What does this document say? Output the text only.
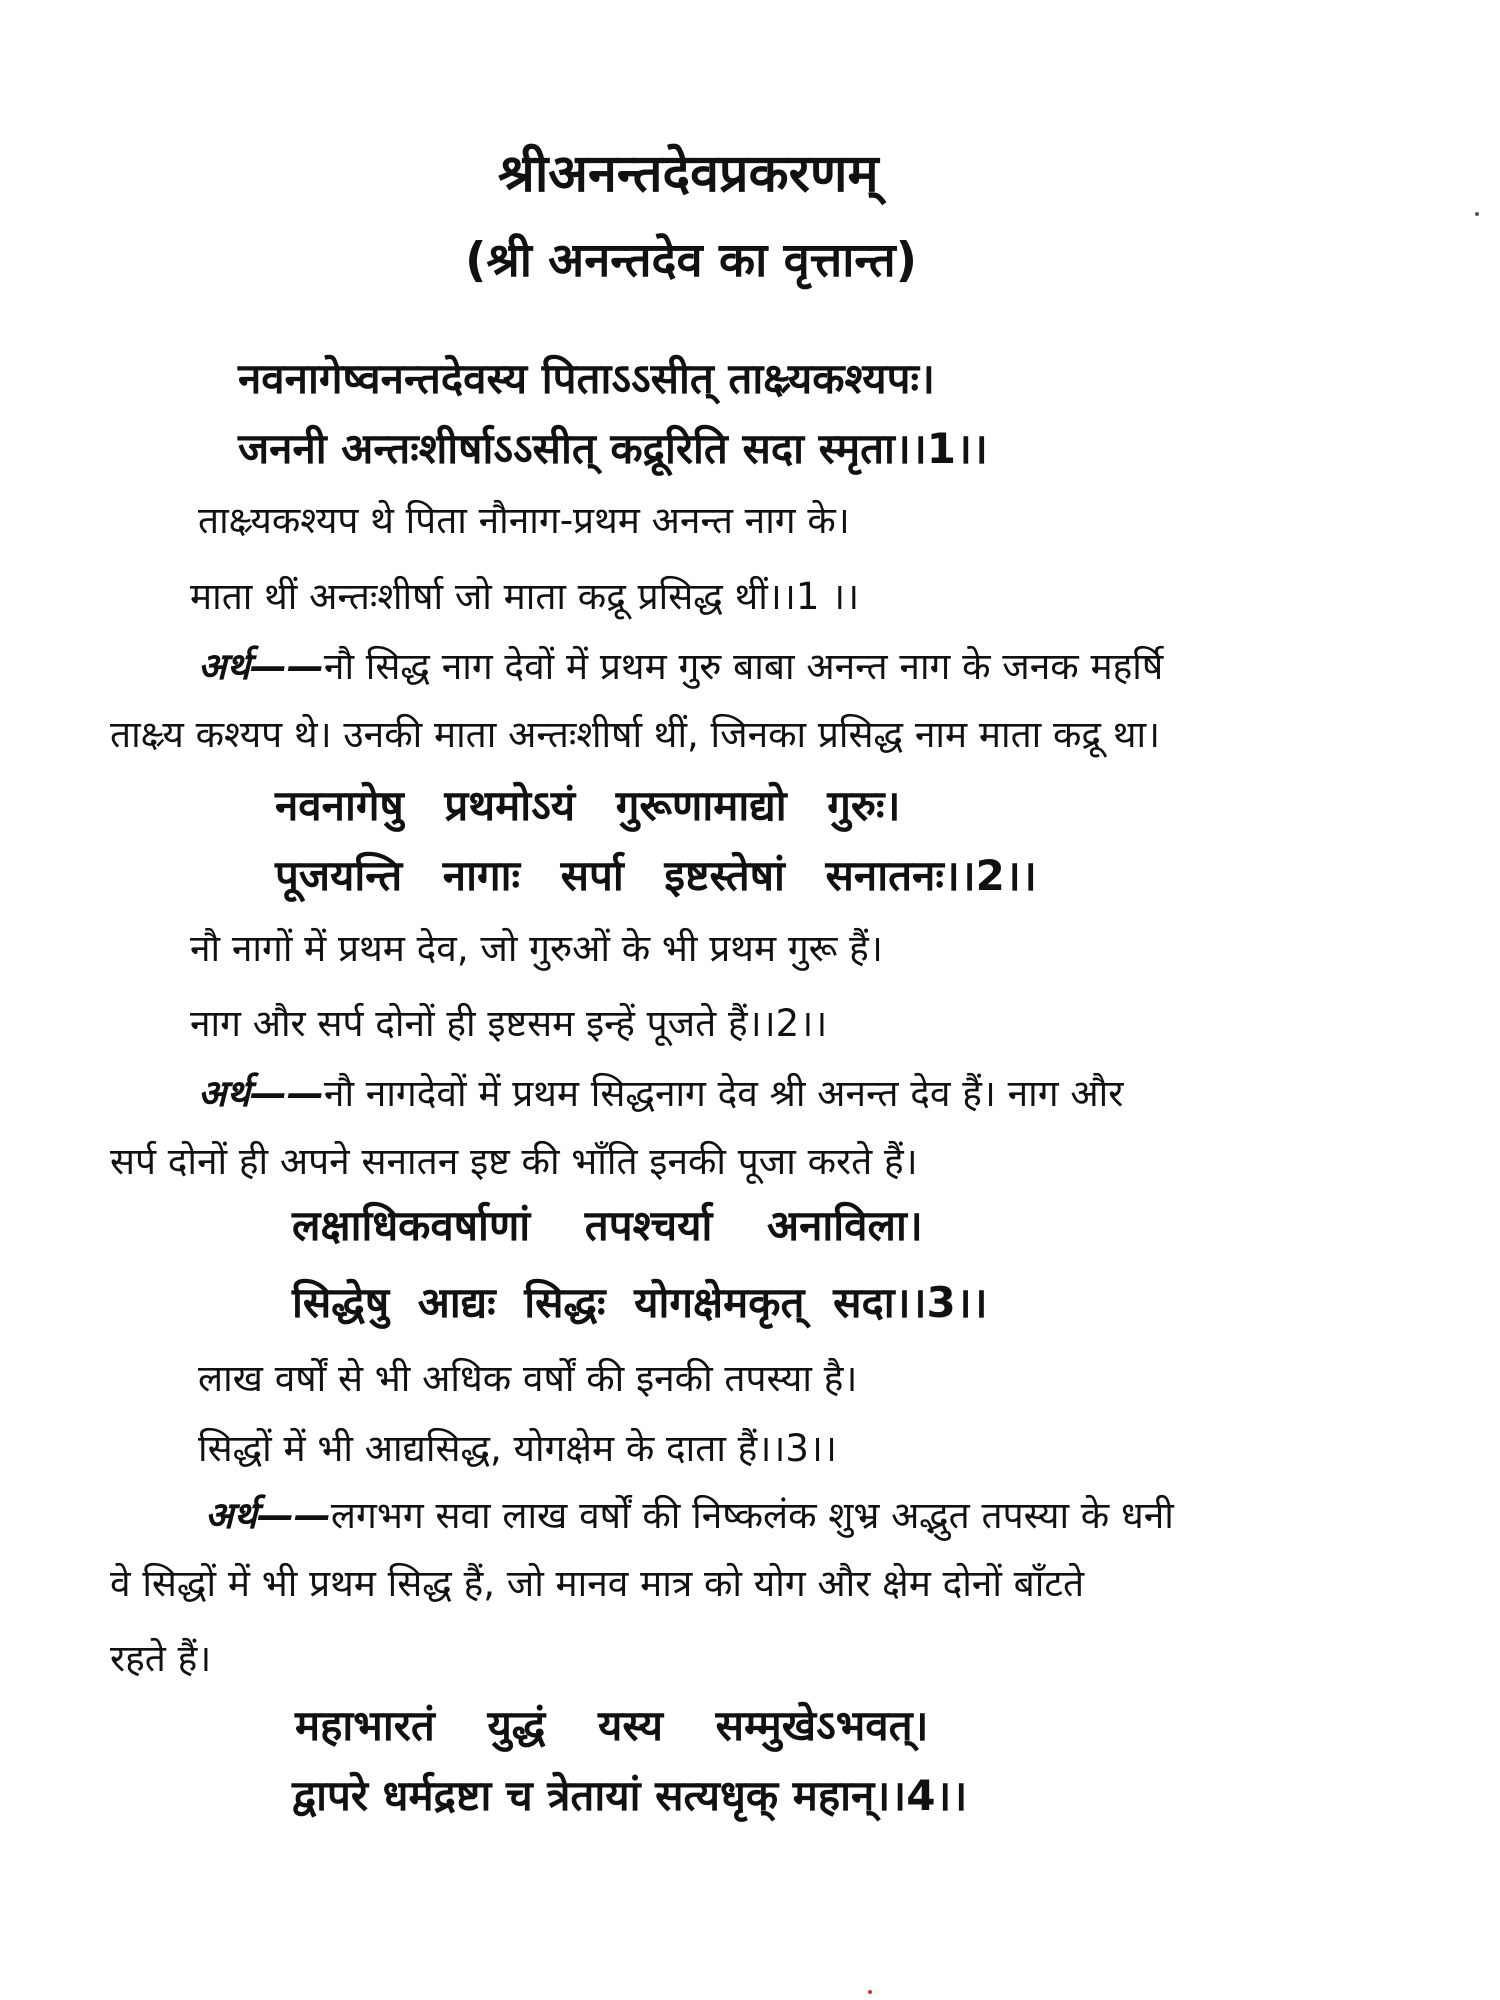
श्रीअनन्तदेवप्रकरणम्
(श्री अनन्तदेव का वृत्तान्त)
नवनागेष्वनन्तदेवस्य पिताऽऽसीत् ताक्ष्र्यकश्यपः।
जननी अन्तःशीर्षाऽऽसीत् कद्रूरिति सदा स्मृता।।1।।
ताक्ष्र्यकश्यप थे पिता नौनाग-प्रथम अनन्त नाग के।
माता थीं अन्तःशीर्षा जो माता कद्रू प्रसिद्ध थीं।।1 ।।
अर्थ——नौ सिद्ध नाग देवों में प्रथम गुरु बाबा अनन्त नाग के जनक महर्षि
ताक्ष्र्य कश्यप थे। उनकी माता अन्तःशीर्षा थीं, जिनका प्रसिद्ध नाम माता कद्रू था।
नवनागेषु प्रथमोऽयं गुरूणामाद्यो गुरुः।
पूजयन्ति नागाः सर्पा इष्टस्तेषां सनातनः।।2।।
नौ नागों में प्रथम देव, जो गुरुओं के भी प्रथम गुरू हैं।
नाग और सर्प दोनों ही इष्टसम इन्हें पूजते हैं।।2।।
अर्थ——नौ नागदेवों में प्रथम सिद्धनाग देव श्री अनन्त देव हैं। नाग और
सर्प दोनों ही अपने सनातन इष्ट की भाँति इनकी पूजा करते हैं।
लक्षाधिकवर्षाणां तपश्चर्या अनाविला।
सिद्धेषु आद्यः सिद्धः योगक्षेमकृत् सदा।।3।।
लाख वर्षों से भी अधिक वर्षों की इनकी तपस्या है।
सिद्धों में भी आद्यसिद्ध, योगक्षेम के दाता हैं।।3।।
अर्थ——लगभग सवा लाख वर्षों की निष्कलंक शुभ्र अद्भुत तपस्या के धनी
वे सिद्धों में भी प्रथम सिद्ध हैं, जो मानव मात्र को योग और क्षेम दोनों बाँटते
रहते हैं।
महाभारतं युद्धं यस्य सम्मुखेऽभवत्।
द्वापरे धर्मद्रष्टा च त्रेतायां सत्यधृक् महान्।।4।।
